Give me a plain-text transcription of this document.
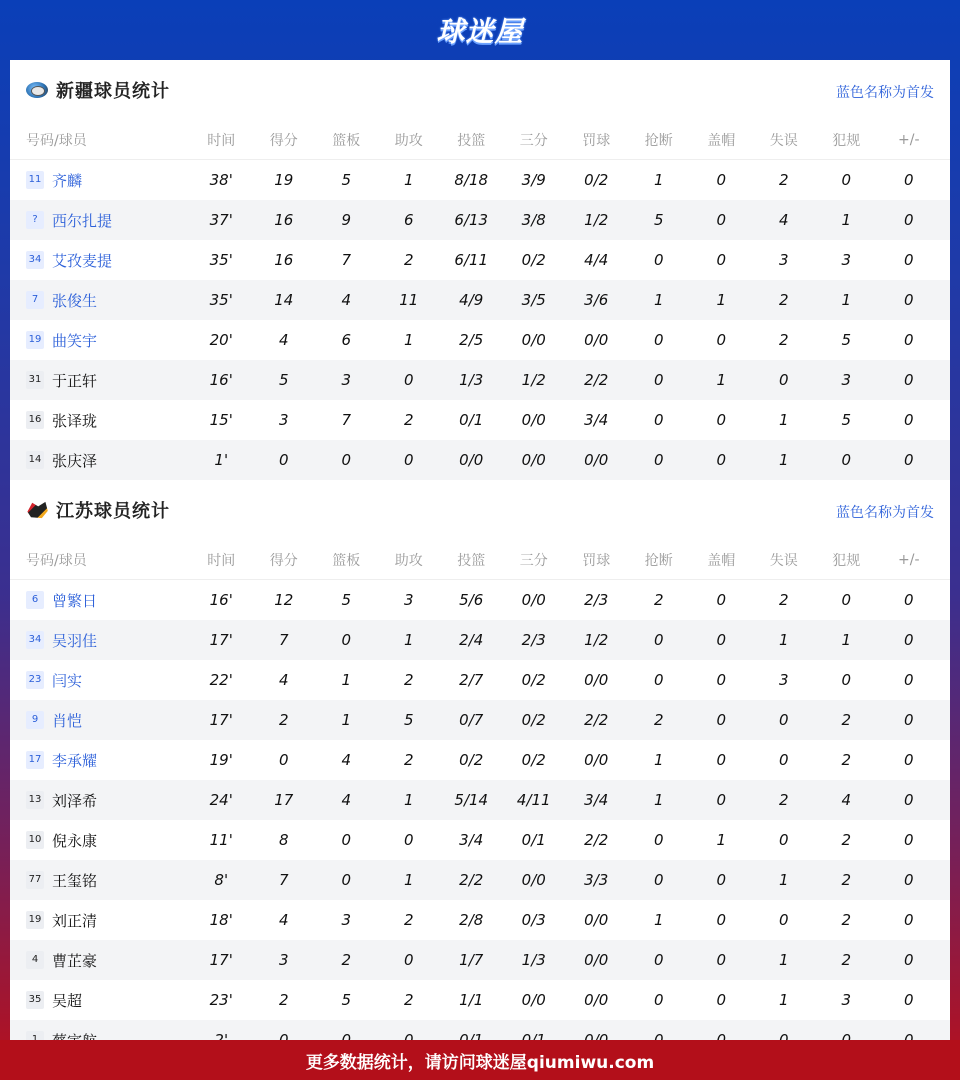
球迷屋
新疆球员统计	蓝色名称为首发
号码/球员	时间	得分	篮板	助攻	投篮	三分	罚球	抢断	盖帽	失误	犯规	+/-
11 齐麟	38'	19	5	1	8/18	3/9	0/2	1	0	2	0	0
? 西尔扎提	37'	16	9	6	6/13	3/8	1/2	5	0	4	1	0
34 艾孜麦提	35'	16	7	2	6/11	0/2	4/4	0	0	3	3	0
7 张俊生	35'	14	4	11	4/9	3/5	3/6	1	1	2	1	0
19 曲笑宇	20'	4	6	1	2/5	0/0	0/0	0	0	2	5	0
31 于正轩	16'	5	3	0	1/3	1/2	2/2	0	1	0	3	0
16 张译珑	15'	3	7	2	0/1	0/0	3/4	0	0	1	5	0
14 张庆泽	1'	0	0	0	0/0	0/0	0/0	0	0	1	0	0
江苏球员统计	蓝色名称为首发
号码/球员	时间	得分	篮板	助攻	投篮	三分	罚球	抢断	盖帽	失误	犯规	+/-
6 曾繁日	16'	12	5	3	5/6	0/0	2/3	2	0	2	0	0
34 吴羽佳	17'	7	0	1	2/4	2/3	1/2	0	0	1	1	0
23 闫实	22'	4	1	2	2/7	0/2	0/0	0	0	3	0	0
9 肖恺	17'	2	1	5	0/7	0/2	2/2	2	0	0	2	0
17 李承耀	19'	0	4	2	0/2	0/2	0/0	1	0	0	2	0
13 刘泽希	24'	17	4	1	5/14	4/11	3/4	1	0	2	4	0
10 倪永康	11'	8	0	0	3/4	0/1	2/2	0	1	0	2	0
77 王玺铭	8'	7	0	1	2/2	0/0	3/3	0	0	1	2	0
19 刘正清	18'	4	3	2	2/8	0/3	0/0	1	0	0	2	0
4 曹芷豪	17'	3	2	0	1/7	1/3	0/0	0	0	1	2	0
35 吴超	23'	2	5	2	1/1	0/0	0/0	0	0	1	3	0
更多数据统计，请访问球迷屋qiumiwu.com
